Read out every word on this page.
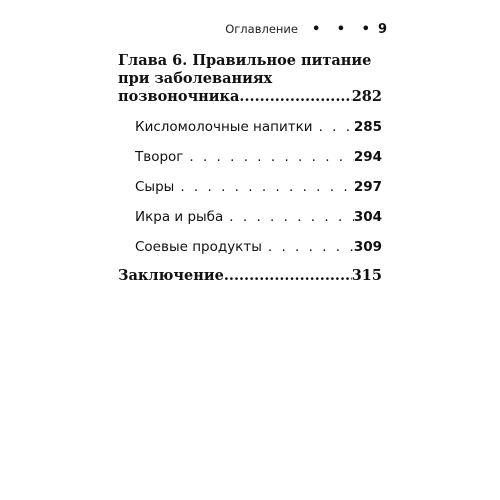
Оглавление • • • 9
Глава 6. Правильное питание
при заболеваниях
позвоночника .....	282
Кисломолочные напитки . . .	285
Творог . . .	294
Сыры . . .	297
Икра и рыба . . .	304
Соевые продукты . . .	309
Заключение .....	315
